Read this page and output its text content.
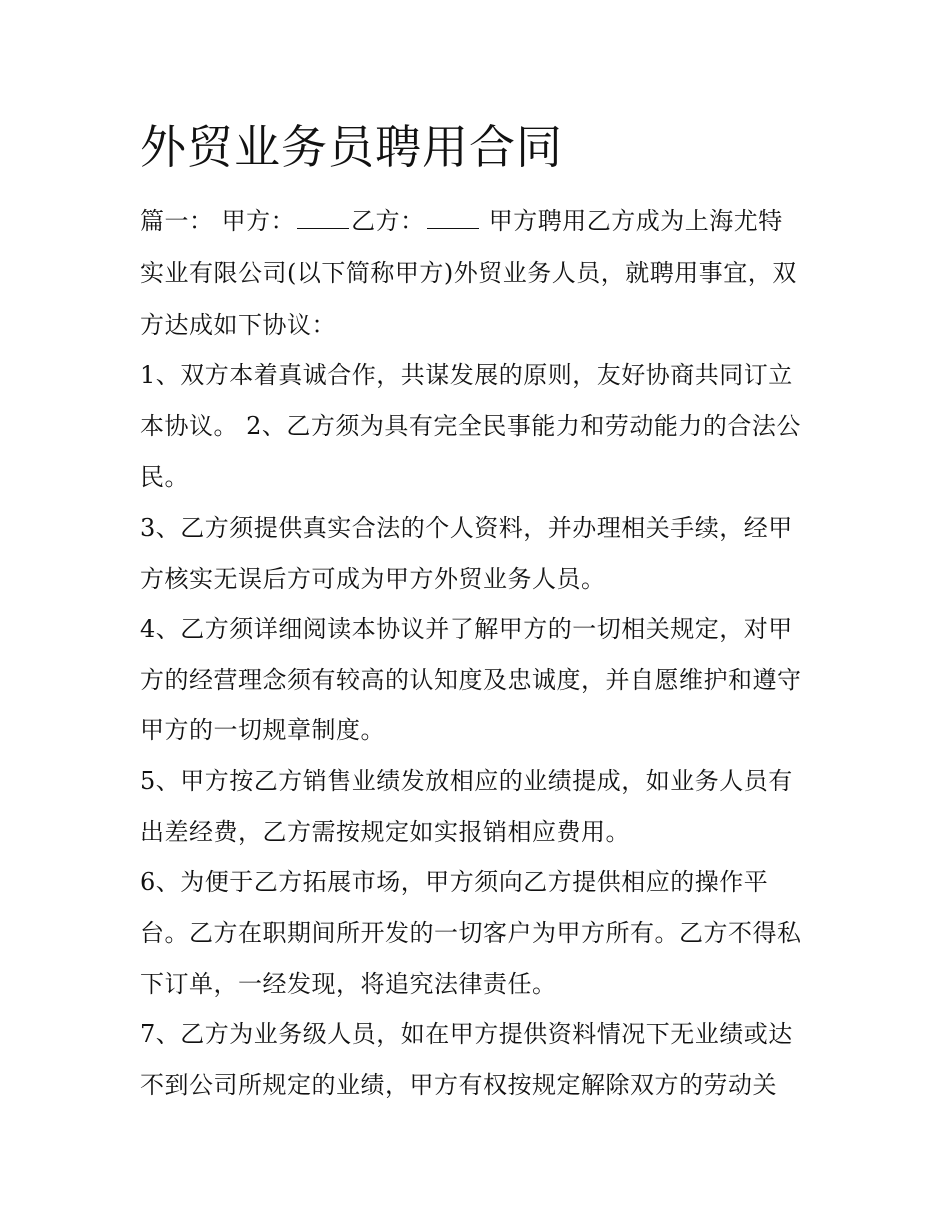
外贸业务员聘用合同
篇一： 甲方： 乙方：	甲方聘用乙方成为上海尤特
实业有限公司(以下简称甲方)外贸业务人员，就聘用事宜，双
方达成如下协议：
1、双方本着真诚合作，共谋发展的原则，友好协商共同订立
本协议。 2、乙方须为具有完全民事能力和劳动能力的合法公
民。
3、乙方须提供真实合法的个人资料，并办理相关手续，经甲
方核实无误后方可成为甲方外贸业务人员。
4、乙方须详细阅读本协议并了解甲方的一切相关规定，对甲
方的经营理念须有较高的认知度及忠诚度，并自愿维护和遵守
甲方的一切规章制度。
5、甲方按乙方销售业绩发放相应的业绩提成，如业务人员有
出差经费，乙方需按规定如实报销相应费用。
6、为便于乙方拓展市场，甲方须向乙方提供相应的操作平
台。乙方在职期间所开发的一切客户为甲方所有。乙方不得私
下订单，一经发现，将追究法律责任。
7、乙方为业务级人员，如在甲方提供资料情况下无业绩或达
不到公司所规定的业绩，甲方有权按规定解除双方的劳动关
